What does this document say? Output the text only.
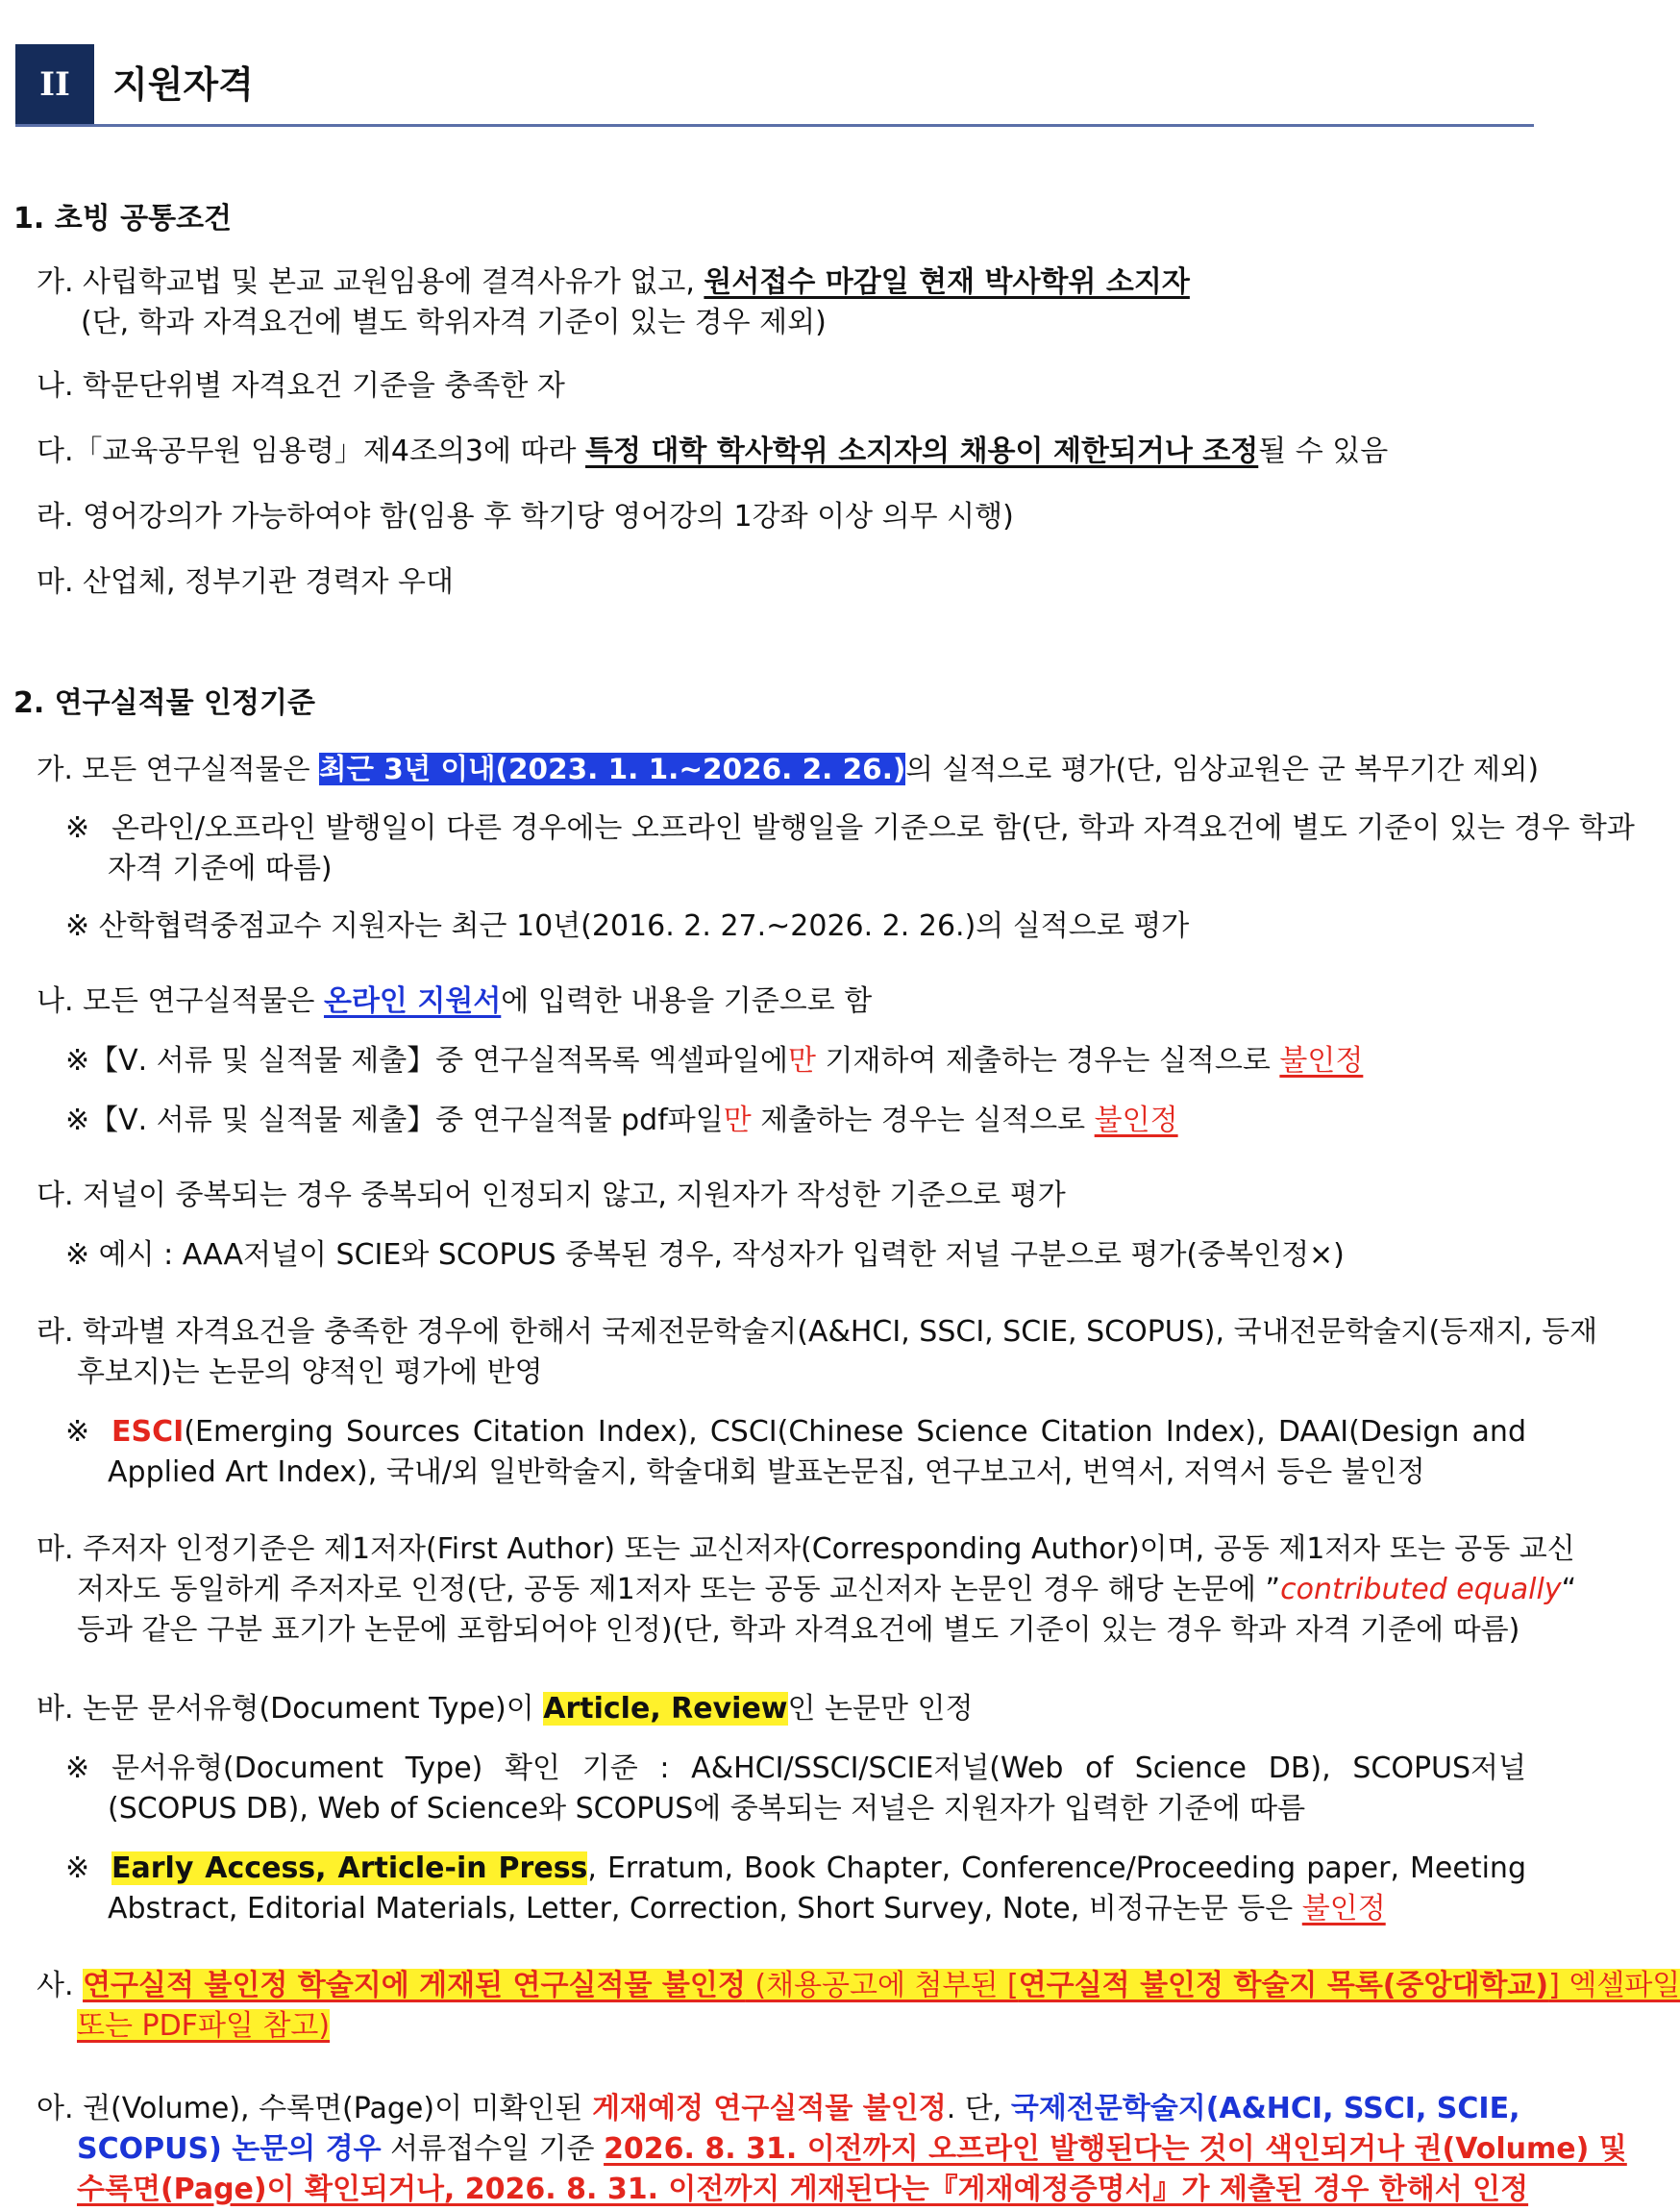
II	지원자격
1. 초빙 공통조건
가. 사립학교법 및 본교 교원임용에 결격사유가 없고, 원서접수 마감일 현재 박사학위 소지자
(단, 학과 자격요건에 별도 학위자격 기준이 있는 경우 제외)
나. 학문단위별 자격요건 기준을 충족한 자
다.「교육공무원 임용령」제4조의3에 따라 특정 대학 학사학위 소지자의 채용이 제한되거나 조정될 수 있음
라. 영어강의가 가능하여야 함(임용 후 학기당 영어강의 1강좌 이상 의무 시행)
마. 산업체, 정부기관 경력자 우대
2. 연구실적물 인정기준
가. 모든 연구실적물은 최근 3년 이내(2023. 1. 1.~2026. 2. 26.)의 실적으로 평가(단, 임상교원은 군 복무기간 제외)
※ 온라인/오프라인 발행일이 다른 경우에는 오프라인 발행일을 기준으로 함(단, 학과 자격요건에 별도 기준이 있는 경우 학과
자격 기준에 따름)
※ 산학협력중점교수 지원자는 최근 10년(2016. 2. 27.~2026. 2. 26.)의 실적으로 평가
나. 모든 연구실적물은 온라인 지원서에 입력한 내용을 기준으로 함
※【Ⅴ. 서류 및 실적물 제출】중 연구실적목록 엑셀파일에만 기재하여 제출하는 경우는 실적으로 불인정
※【Ⅴ. 서류 및 실적물 제출】중 연구실적물 pdf파일만 제출하는 경우는 실적으로 불인정
다. 저널이 중복되는 경우 중복되어 인정되지 않고, 지원자가 작성한 기준으로 평가
※ 예시 : AAA저널이 SCIE와 SCOPUS 중복된 경우, 작성자가 입력한 저널 구분으로 평가(중복인정×)
라. 학과별 자격요건을 충족한 경우에 한해서 국제전문학술지(A&HCI, SSCI, SCIE, SCOPUS), 국내전문학술지(등재지, 등재
후보지)는 논문의 양적인 평가에 반영
※ ESCI(Emerging Sources Citation Index), CSCI(Chinese Science Citation Index), DAAI(Design and
Applied Art Index), 국내/외 일반학술지, 학술대회 발표논문집, 연구보고서, 번역서, 저역서 등은 불인정
마. 주저자 인정기준은 제1저자(First Author) 또는 교신저자(Corresponding Author)이며, 공동 제1저자 또는 공동 교신
저자도 동일하게 주저자로 인정(단, 공동 제1저자 또는 공동 교신저자 논문인 경우 해당 논문에 ”contributed equally“
등과 같은 구분 표기가 논문에 포함되어야 인정)(단, 학과 자격요건에 별도 기준이 있는 경우 학과 자격 기준에 따름)
바. 논문 문서유형(Document Type)이 Article, Review인 논문만 인정
※ 문서유형(Document Type) 확인 기준 : A&HCI/SSCI/SCIE저널(Web of Science DB), SCOPUS저널
(SCOPUS DB), Web of Science와 SCOPUS에 중복되는 저널은 지원자가 입력한 기준에 따름
※ Early Access, Article-in Press, Erratum, Book Chapter, Conference/Proceeding paper, Meeting
Abstract, Editorial Materials, Letter, Correction, Short Survey, Note, 비정규논문 등은 불인정
사. 연구실적 불인정 학술지에 게재된 연구실적물 불인정 (채용공고에 첨부된 [연구실적 불인정 학술지 목록(중앙대학교)] 엑셀파일
또는 PDF파일 참고)
아. 권(Volume), 수록면(Page)이 미확인된 게재예정 연구실적물 불인정. 단, 국제전문학술지(A&HCI, SSCI, SCIE,
SCOPUS) 논문의 경우 서류접수일 기준 2026. 8. 31. 이전까지 오프라인 발행된다는 것이 색인되거나 권(Volume) 및
수록면(Page)이 확인되거나, 2026. 8. 31. 이전까지 게재된다는『게재예정증명서』가 제출된 경우 한해서 인정
